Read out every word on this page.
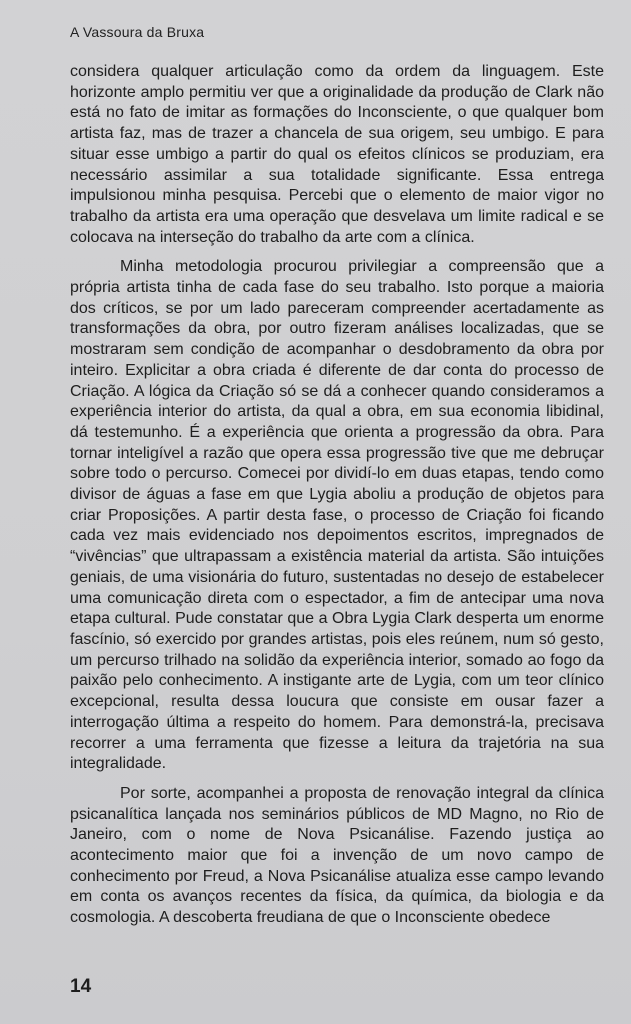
A Vassoura da Bruxa

considera qualquer articulação como da ordem da linguagem. Este horizonte amplo permitiu ver que a originalidade da produção de Clark não está no fato de imitar as formações do Inconsciente, o que qualquer bom artista faz, mas de trazer a chancela de sua origem, seu umbigo. E para situar esse umbigo a partir do qual os efeitos clínicos se produziam, era necessário assimilar a sua totalidade significante. Essa entrega impulsionou minha pesquisa. Percebi que o elemento de maior vigor no trabalho da artista era uma operação que desvelava um limite radical e se colocava na interseção do trabalho da arte com a clínica.

Minha metodologia procurou privilegiar a compreensão que a própria artista tinha de cada fase do seu trabalho. Isto porque a maioria dos críticos, se por um lado pareceram compreender acertadamente as transformações da obra, por outro fizeram análises localizadas, que se mostraram sem condição de acompanhar o desdobramento da obra por inteiro. Explicitar a obra criada é diferente de dar conta do processo de Criação. A lógica da Criação só se dá a conhecer quando consideramos a experiência interior do artista, da qual a obra, em sua economia libidinal, dá testemunho. É a experiência que orienta a progressão da obra. Para tornar inteligível a razão que opera essa progressão tive que me debruçar sobre todo o percurso. Comecei por dividí-lo em duas etapas, tendo como divisor de águas a fase em que Lygia aboliu a produção de objetos para criar Proposições. A partir desta fase, o processo de Criação foi ficando cada vez mais evidenciado nos depoimentos escritos, impregnados de “vivências” que ultrapassam a existência material da artista. São intuições geniais, de uma visionária do futuro, sustentadas no desejo de estabelecer uma comunicação direta com o espectador, a fim de antecipar uma nova etapa cultural. Pude constatar que a Obra Lygia Clark desperta um enorme fascínio, só exercido por grandes artistas, pois eles reúnem, num só gesto, um percurso trilhado na solidão da experiência interior, somado ao fogo da paixão pelo conhecimento. A instigante arte de Lygia, com um teor clínico excepcional, resulta dessa loucura que consiste em ousar fazer a interrogação última a respeito do homem. Para demonstrá-la, precisava recorrer a uma ferramenta que fizesse a leitura da trajetória na sua integralidade.

Por sorte, acompanhei a proposta de renovação integral da clínica psicanalítica lançada nos seminários públicos de MD Magno, no Rio de Janeiro, com o nome de Nova Psicanálise. Fazendo justiça ao acontecimento maior que foi a invenção de um novo campo de conhecimento por Freud, a Nova Psicanálise atualiza esse campo levando em conta os avanços recentes da física, da química, da biologia e da cosmologia. A descoberta freudiana de que o Inconsciente obedece

14
